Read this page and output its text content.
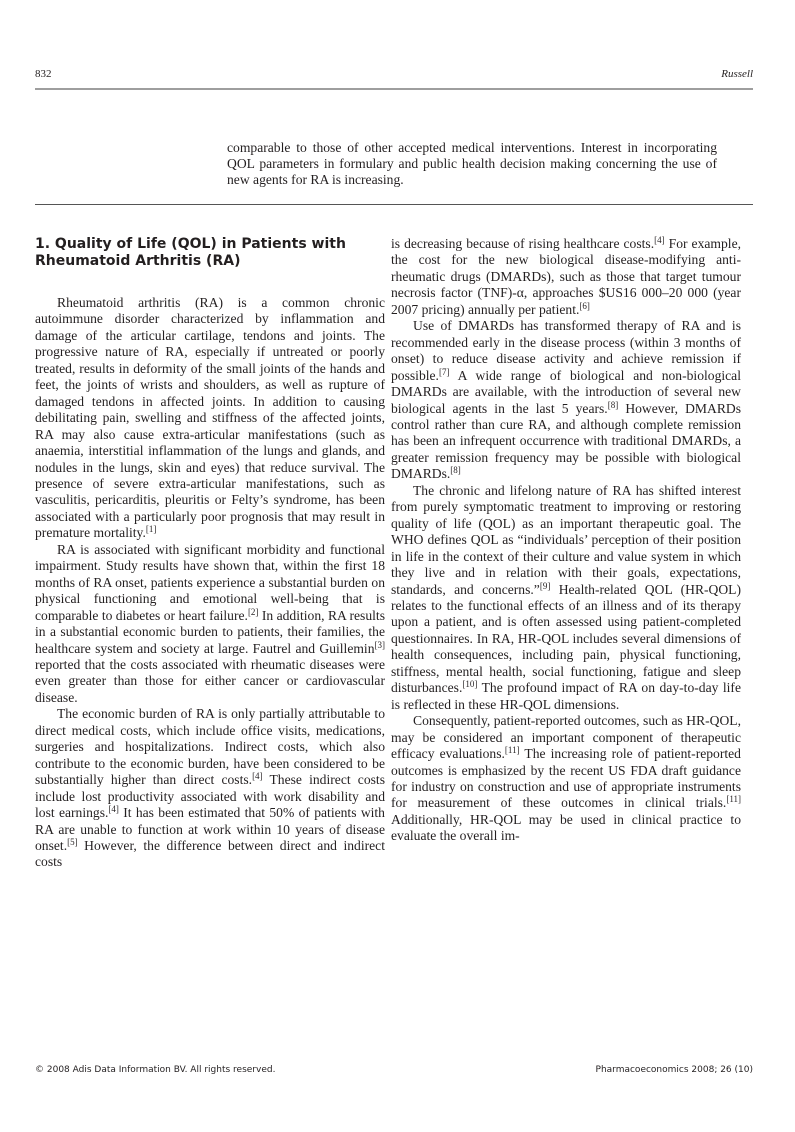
832	Russell
comparable to those of other accepted medical interventions. Interest in incorporating QOL parameters in formulary and public health decision making concerning the use of new agents for RA is increasing.
1. Quality of Life (QOL) in Patients with Rheumatoid Arthritis (RA)

Rheumatoid arthritis (RA) is a common chronic autoimmune disorder characterized by inflammation and damage of the articular cartilage, tendons and joints. The progressive nature of RA, especially if untreated or poorly treated, results in deformity of the small joints of the hands and feet, the joints of wrists and shoulders, as well as rupture of damaged tendons in affected joints. In addition to causing debilitating pain, swelling and stiffness of the affected joints, RA may also cause extra-articular manifestations (such as anaemia, interstitial inflammation of the lungs and glands, and nodules in the lungs, skin and eyes) that reduce survival. The presence of severe extra-articular manifestations, such as vasculitis, pericarditis, pleuritis or Felty’s syndrome, has been associated with a particularly poor prognosis that may result in premature mortality.[1]

RA is associated with significant morbidity and functional impairment. Study results have shown that, within the first 18 months of RA onset, patients experience a substantial burden on physical functioning and emotional well-being that is comparable to diabetes or heart failure.[2] In addition, RA results in a substantial economic burden to patients, their families, the healthcare system and society at large. Fautrel and Guillemin[3] reported that the costs associated with rheumatic diseases were even greater than those for either cancer or cardiovascular disease.

The economic burden of RA is only partially attributable to direct medical costs, which include office visits, medications, surgeries and hospitalizations. Indirect costs, which also contribute to the economic burden, have been considered to be substantially higher than direct costs.[4] These indirect costs include lost productivity associated with work disability and lost earnings.[4] It has been estimated that 50% of patients with RA are unable to function at work within 10 years of disease onset.[5] However, the difference between direct and indirect costs

is decreasing because of rising healthcare costs.[4] For example, the cost for the new biological disease-modifying anti-rheumatic drugs (DMARDs), such as those that target tumour necrosis factor (TNF)-α, approaches $US16 000–20 000 (year 2007 pricing) annually per patient.[6]

Use of DMARDs has transformed therapy of RA and is recommended early in the disease process (within 3 months of onset) to reduce disease activity and achieve remission if possible.[7] A wide range of biological and non-biological DMARDs are available, with the introduction of several new biological agents in the last 5 years.[8] However, DMARDs control rather than cure RA, and although complete remission has been an infrequent occurrence with traditional DMARDs, a greater remission frequency may be possible with biological DMARDs.[8]

The chronic and lifelong nature of RA has shifted interest from purely symptomatic treatment to improving or restoring quality of life (QOL) as an important therapeutic goal. The WHO defines QOL as “individuals’ perception of their position in life in the context of their culture and value system in which they live and in relation with their goals, expectations, standards, and concerns.”[9] Health-related QOL (HR-QOL) relates to the functional effects of an illness and of its therapy upon a patient, and is often assessed using patient-completed questionnaires. In RA, HR-QOL includes several dimensions of health consequences, including pain, physical functioning, stiffness, mental health, social functioning, fatigue and sleep disturbances.[10] The profound impact of RA on day-to-day life is reflected in these HR-QOL dimensions.

Consequently, patient-reported outcomes, such as HR-QOL, may be considered an important component of therapeutic efficacy evaluations.[11] The increasing role of patient-reported outcomes is emphasized by the recent US FDA draft guidance for industry on construction and use of appropriate instruments for measurement of these outcomes in clinical trials.[11] Additionally, HR-QOL may be used in clinical practice to evaluate the overall im-

© 2008 Adis Data Information BV. All rights reserved.	Pharmacoeconomics 2008; 26 (10)
